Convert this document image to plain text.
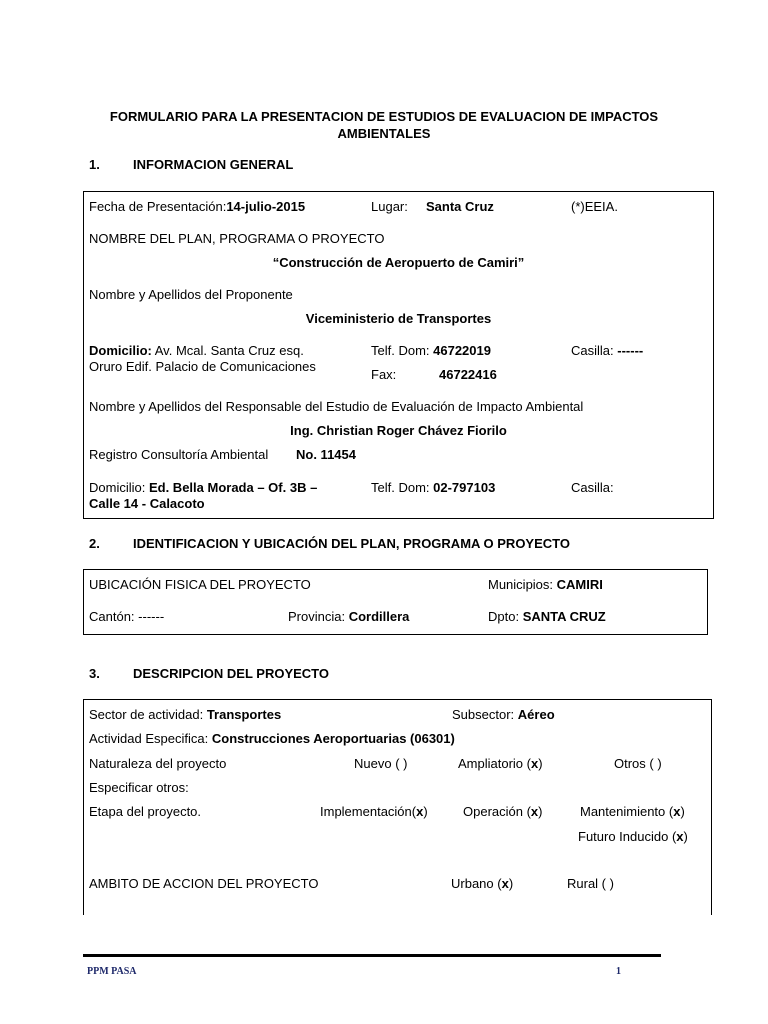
FORMULARIO PARA LA PRESENTACION DE ESTUDIOS DE EVALUACION DE IMPACTOS
AMBIENTALES
1.	INFORMACION GENERAL
Fecha de Presentación:14-julio-2015	Lugar: Santa Cruz	(*)EEIA.
NOMBRE DEL PLAN, PROGRAMA O PROYECTO
“Construcción de Aeropuerto de Camiri”
Nombre y Apellidos del Proponente
Viceministerio de Transportes
Domicilio: Av. Mcal. Santa Cruz esq.
Oruro Edif. Palacio de Comunicaciones
Telf. Dom: 46722019	Casilla: ------
Fax:	46722416
Nombre y Apellidos del Responsable del Estudio de Evaluación de Impacto Ambiental
Ing. Christian Roger Chávez Fiorilo
Registro Consultoría Ambiental No. 11454
Domicilio: Ed. Bella Morada – Of. 3B –
Calle 14 - Calacoto
Telf. Dom: 02-797103	Casilla:
2.	IDENTIFICACION Y UBICACIÓN DEL PLAN, PROGRAMA O PROYECTO
UBICACIÓN FISICA DEL PROYECTO	Municipios: CAMIRI
Cantón: ------	Provincia: Cordillera	Dpto: SANTA CRUZ
3.	DESCRIPCION DEL PROYECTO
Sector de actividad: Transportes	Subsector: Aéreo
Actividad Especifica: Construcciones Aeroportuarias (06301)
Naturaleza del proyecto	Nuevo ( )	Ampliatorio (x)	Otros ( )
Especificar otros:
Etapa del proyecto.	Implementación(x)	Operación (x)	Mantenimiento (x)
Futuro Inducido (x)
AMBITO DE ACCION DEL PROYECTO	Urbano (x)	Rural ( )
PPM PASA	1
